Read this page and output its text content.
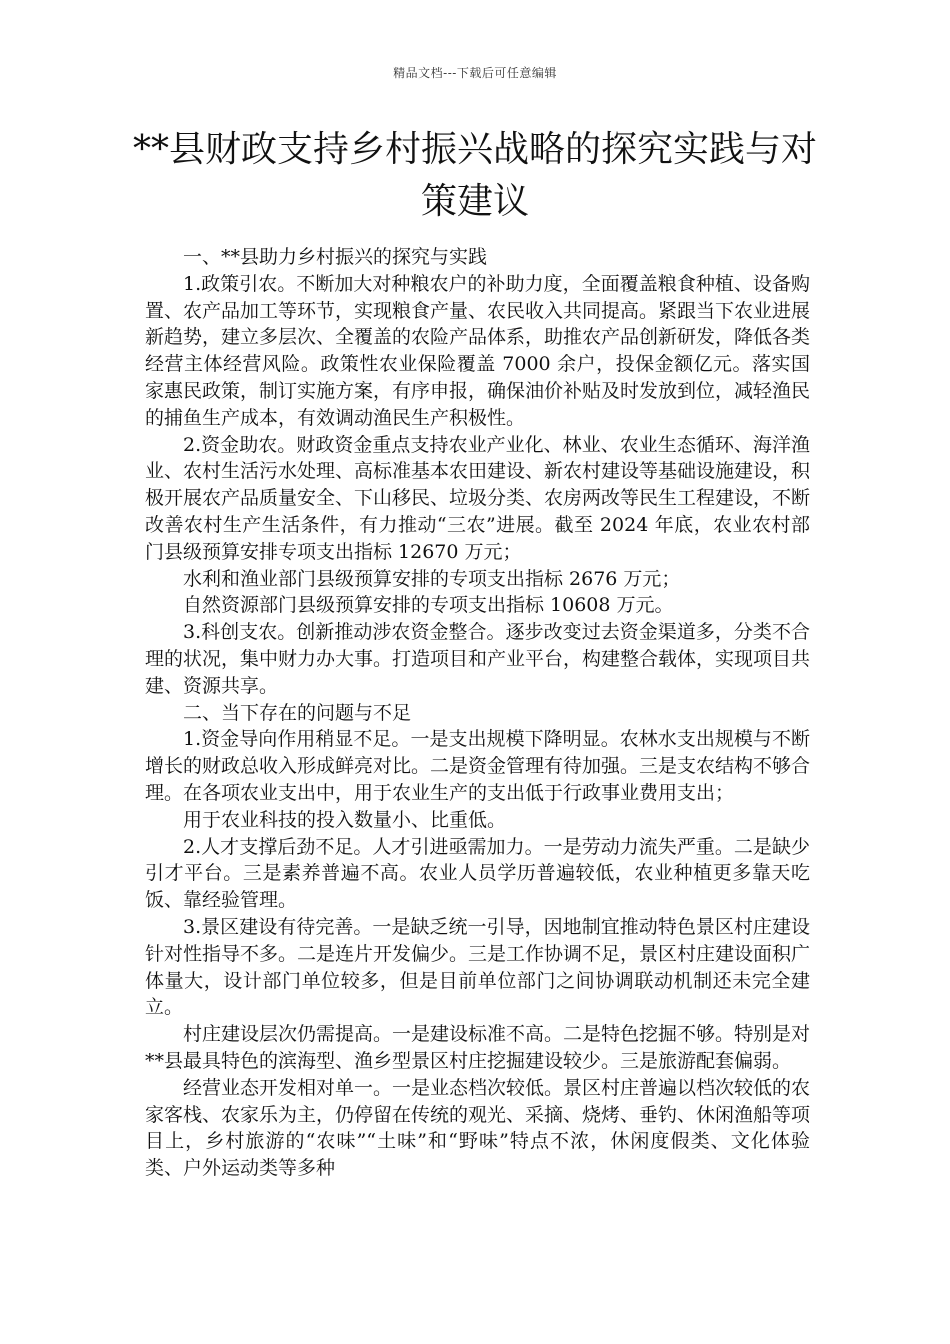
精品文档---下载后可任意编辑
**县财政支持乡村振兴战略的探究实践与对策建议

一、**县助力乡村振兴的探究与实践

1.政策引农。不断加大对种粮农户的补助力度，全面覆盖粮食种植、设备购置、农产品加工等环节，实现粮食产量、农民收入共同提高。紧跟当下农业进展新趋势，建立多层次、全覆盖的农险产品体系，助推农产品创新研发，降低各类经营主体经营风险。政策性农业保险覆盖 7000 余户，投保金额亿元。落实国家惠民政策，制订实施方案，有序申报，确保油价补贴及时发放到位，减轻渔民的捕鱼生产成本，有效调动渔民生产积极性。

2.资金助农。财政资金重点支持农业产业化、林业、农业生态循环、海洋渔业、农村生活污水处理、高标准基本农田建设、新农村建设等基础设施建设，积极开展农产品质量安全、下山移民、垃圾分类、农房两改等民生工程建设，不断改善农村生产生活条件，有力推动“三农”进展。截至 2024 年底，农业农村部门县级预算安排专项支出指标 12670 万元；

水利和渔业部门县级预算安排的专项支出指标 2676 万元；

自然资源部门县级预算安排的专项支出指标 10608 万元。

3.科创支农。创新推动涉农资金整合。逐步改变过去资金渠道多，分类不合理的状况，集中财力办大事。打造项目和产业平台，构建整合载体，实现项目共建、资源共享。

二、当下存在的问题与不足

1.资金导向作用稍显不足。一是支出规模下降明显。农林水支出规模与不断增长的财政总收入形成鲜亮对比。二是资金管理有待加强。三是支农结构不够合理。在各项农业支出中，用于农业生产的支出低于行政事业费用支出；

用于农业科技的投入数量小、比重低。

2.人才支撑后劲不足。人才引进亟需加力。一是劳动力流失严重。二是缺少引才平台。三是素养普遍不高。农业人员学历普遍较低，农业种植更多靠天吃饭、靠经验管理。

3.景区建设有待完善。一是缺乏统一引导，因地制宜推动特色景区村庄建设针对性指导不多。二是连片开发偏少。三是工作协调不足，景区村庄建设面积广体量大，设计部门单位较多，但是目前单位部门之间协调联动机制还未完全建立。

村庄建设层次仍需提高。一是建设标准不高。二是特色挖掘不够。特别是对**县最具特色的滨海型、渔乡型景区村庄挖掘建设较少。三是旅游配套偏弱。

经营业态开发相对单一。一是业态档次较低。景区村庄普遍以档次较低的农家客栈、农家乐为主，仍停留在传统的观光、采摘、烧烤、垂钓、休闲渔船等项目上，乡村旅游的“农味”“土味”和“野味”特点不浓，休闲度假类、文化体验类、户外运动类等多种
